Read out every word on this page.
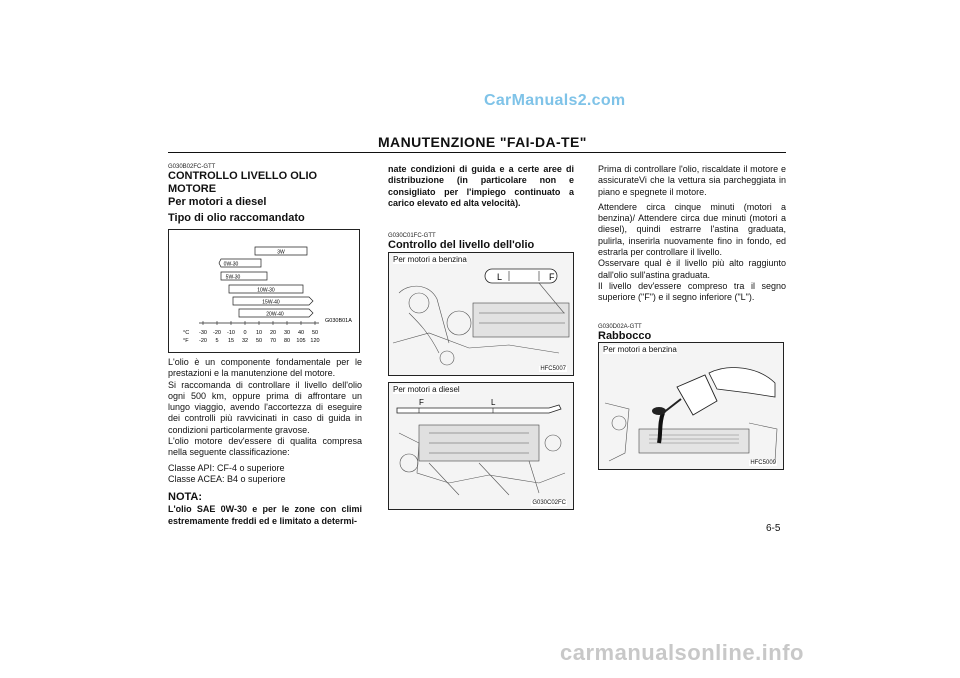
CarManuals2.com
carmanualsonline.info
MANUTENZIONE "FAI-DA-TE"
G030B02FC-GTT
CONTROLLO LIVELLO OLIO
MOTORE
Per motori a diesel
Tipo di olio raccomandato
3W
0W-30
5W-30
10W-30
15W-40
20W-40
G030B01A
°C
°F
-30 -20 -10 0 10 20 30 40 50
-20 5 15 32 50 70 80 105 120
L'olio è un componente fondamentale per le prestazioni e la manutenzione del motore.
Si raccomanda di controllare il livello dell'olio ogni 500 km, oppure prima di affrontare un lungo viaggio, avendo l'accortezza di eseguire dei controlli più ravvicinati in caso di guida in condizioni particolarmente gravose.
L'olio motore dev'essere di qualita compresa nella seguente classificazione:
Classe API: CF-4 o superiore
Classe ACEA: B4 o superiore
NOTA:
L'olio SAE 0W-30 e per le zone con climi estremamente freddi ed e limitato a determi-
nate condizioni di guida e a certe aree di distribuzione (in particolare non e consigliato per l'impiego continuato a carico elevato ed alta velocità).
G030C01FC-GTT
Controllo del livello dell'olio
L	F
Per motori a benzina
HFC5007
F	L
Per motori a diesel
G030C02FC
Prima di controllare l'olio, riscaldate il motore e assicurateVi che la vettura sia parcheggiata in piano e spegnete il motore.
Attendere circa cinque minuti (motori a benzina)/ Attendere circa due minuti (motori a diesel), quindi estrarre l'astina graduata, pulirla, inserirla nuovamente fino in fondo, ed estrarla per controllare il livello.
Osservare qual è il livello più alto raggiunto dall'olio sull'astina graduata.
Il livello dev'essere compreso tra il segno superiore ("F") e il segno inferiore ("L").
G030D02A-GTT
Rabbocco
Per motori a benzina
HFC5009
6-5
